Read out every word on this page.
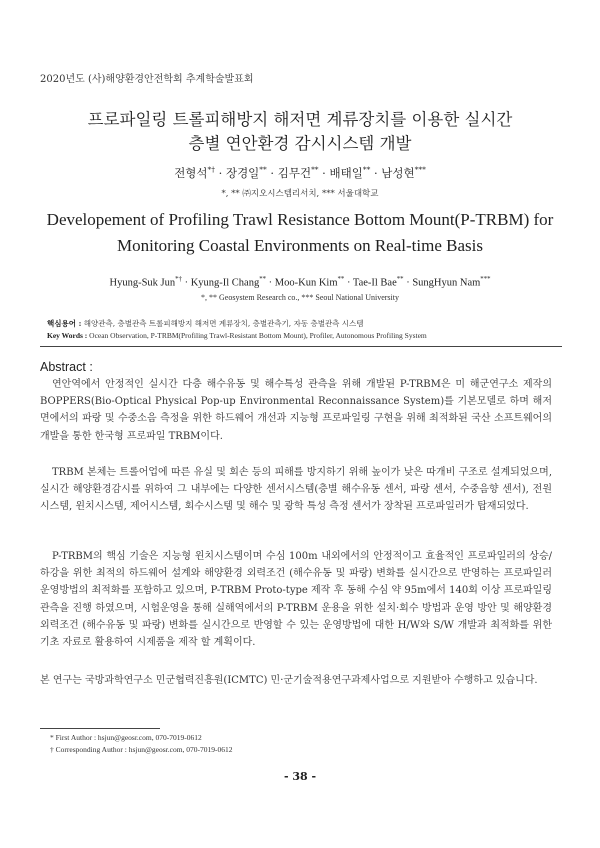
2020년도 (사)해양환경안전학회 추계학술발표회
프로파일링 트롤피해방지 해저면 계류장치를 이용한 실시간
층별 연안환경 감시시스템 개발
전형석*† · 장경일** · 김무건** · 배태일** · 남성현***
*, ** ㈜지오시스템리서치, *** 서울대학교
Developement of Profiling Trawl Resistance Bottom Mount(P-TRBM) for
Monitoring Coastal Environments on Real-time Basis
Hyung-Suk Jun*† · Kyung-Il Chang** · Moo-Kun Kim** · Tae-Il Bae** · SungHyun Nam***
*, ** Geosystem Research co., *** Seoul National University
핵심용어 : 해양관측, 층별관측 트롤피해방지 해저면 계류장치, 층별관측기, 자동 층별관측 시스템
Key Words : Ocean Observation, P-TRBM(Profiling Trawl-Resistant Bottom Mount), Profiler, Autonomous Profiling System
Abstract :

연안역에서 안정적인 실시간 다층 해수유동 및 해수특성 관측을 위해 개발된 P-TRBM은 미 해군연구소 제작의 BOPPERS(Bio-Optical Physical Pop-up Environmental Reconnaissance System)를 기본모델로 하며 해저면에서의 파랑 및 수중소음 측정을 위한 하드웨어 개선과 지능형 프로파일링 구현을 위해 최적화된 국산 소프트웨어의 개발을 통한 한국형 프로파일 TRBM이다.

TRBM 본체는 트롤어업에 따른 유실 및 회손 등의 피해를 방지하기 위해 높이가 낮은 따개비 구조로 설계되었으며, 실시간 해양환경감시를 위하여 그 내부에는 다양한 센서시스템(층별 해수유동 센서, 파랑 센서, 수중음향 센서), 전원시스템, 윈치시스템, 제어시스템, 회수시스템 및 해수 및 광학 특성 측정 센서가 장착된 프로파일러가 탑재되었다.

P-TRBM의 핵심 기술은 지능형 윈치시스템이며 수심 100m 내외에서의 안정적이고 효율적인 프로파일러의 상승/하강을 위한 최적의 하드웨어 설계와 해양환경 외력조건 (해수유동 및 파랑) 변화를 실시간으로 반영하는 프로파일러 운영방법의 최적화를 포함하고 있으며, P-TRBM Proto-type 제작 후 동해 수심 약 95m에서 140회 이상 프로파일링 관측을 진행 하였으며, 시험운영을 통해 실해역에서의 P-TRBM 운용을 위한 설치·회수 방법과 운영 방안 및 해양환경 외력조건 (해수유동 및 파랑) 변화를 실시간으로 반영할 수 있는 운영방법에 대한 H/W와 S/W 개발과 최적화를 위한 기초 자료로 활용하여 시제품을 제작 할 계획이다.

본 연구는 국방과학연구소 민군협력진흥원(ICMTC) 민·군기술적용연구과제사업으로 지원받아 수행하고 있습니다.

* First Author : hsjun@geosr.com, 070-7019-0612
† Corresponding Author : hsjun@geosr.com, 070-7019-0612
- 38 -
